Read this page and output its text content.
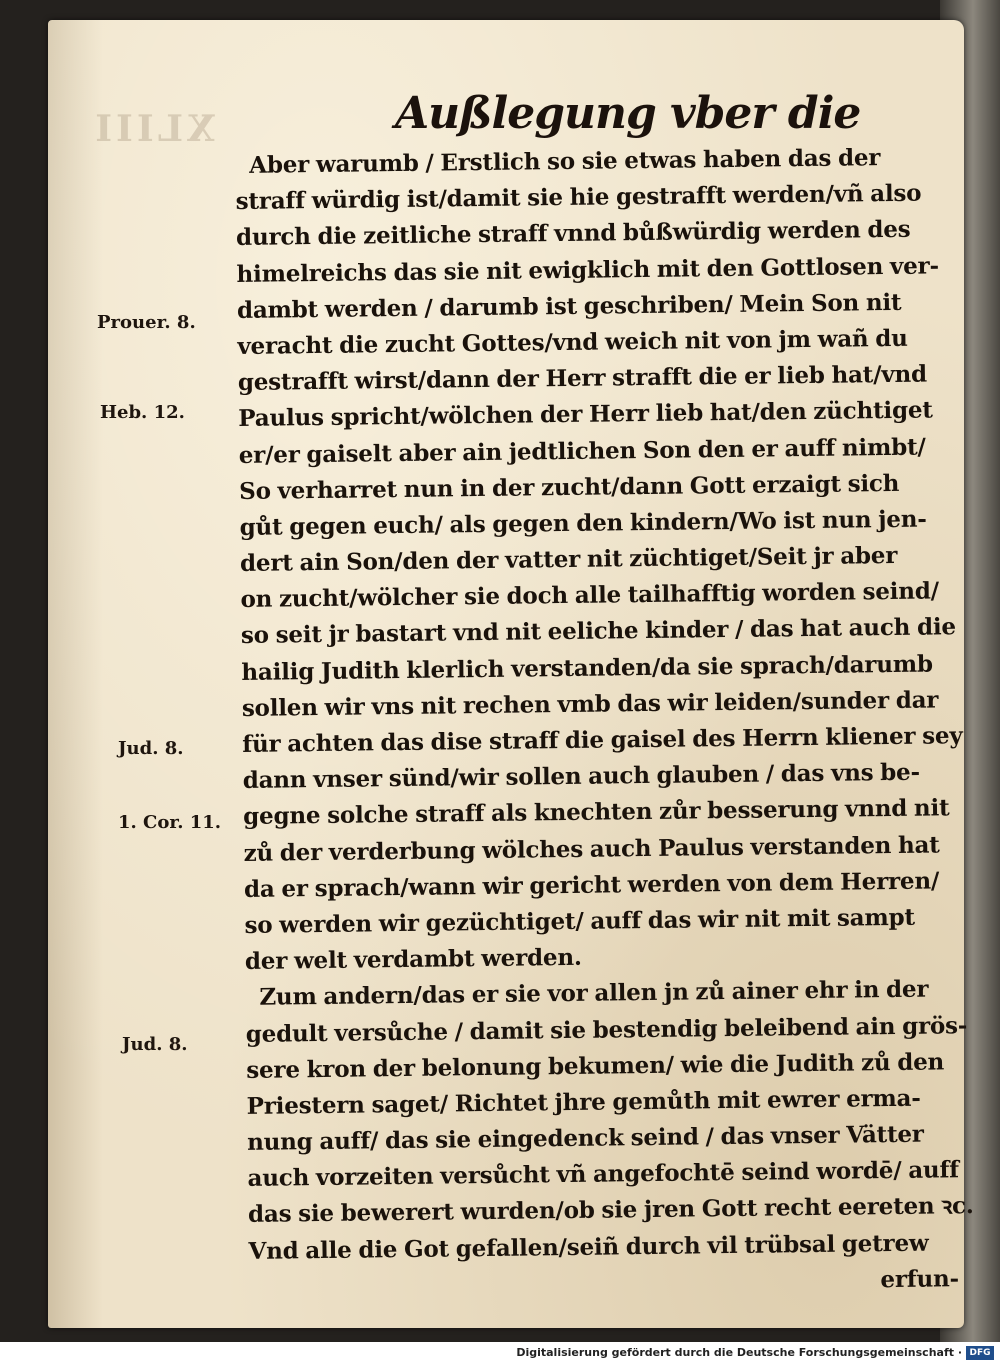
XLIII	Außlegung vber die
Aber warumb / Erstlich so sie etwas haben das der
straff würdig ist/damit sie hie gestrafft werden/vñ also
durch die zeitliche straff vnnd bůßwürdig werden des
himelreichs das sie nit ewigklich mit den Gottlosen ver-
dambt werden / darumb ist geschriben/ Mein Son nit
veracht die zucht Gottes/vnd weich nit von jm wañ du
gestrafft wirst/dann der Herr strafft die er lieb hat/vnd
Paulus spricht/wölchen der Herr lieb hat/den züchtiget
er/er gaiselt aber ain jedtlichen Son den er auff nimbt/
So verharret nun in der zucht/dann Gott erzaigt sich
gůt gegen euch/ als gegen den kindern/Wo ist nun jen-
dert ain Son/den der vatter nit züchtiget/Seit jr aber
on zucht/wölcher sie doch alle tailhafftig worden seind/
so seit jr bastart vnd nit eeliche kinder / das hat auch die
hailig Judith klerlich verstanden/da sie sprach/darumb
sollen wir vns nit rechen vmb das wir leiden/sunder dar
für achten das dise straff die gaisel des Herrn kliener sey
dann vnser sünd/wir sollen auch glauben / das vns be-
gegne solche straff als knechten zůr besserung vnnd nit
zů der verderbung wölches auch Paulus verstanden hat
da er sprach/wann wir gericht werden von dem Herren/
so werden wir gezüchtiget/ auff das wir nit mit sampt
der welt verdambt werden.
Zum andern/das er sie vor allen jn zů ainer ehr in der
gedult versůche / damit sie bestendig beleibend ain grös-
sere kron der belonung bekumen/ wie die Judith zů den
Priestern saget/ Richtet jhre gemůth mit ewrer erma-
nung auff/ das sie eingedenck seind / das vnser Vätter
auch vorzeiten versůcht vñ angefochtē seind wordē/ auff
das sie bewerert wurden/ob sie jren Gott recht eereten ꝛc.
Vnd alle die Got gefallen/seiñ durch vil trübsal getrew
erfun-
Prouer. 8.
Heb. 12.
Jud. 8.
1. Cor. 11.
Jud. 8.
Digitalisierung gefördert durch die Deutsche Forschungsgemeinschaft · DFG
